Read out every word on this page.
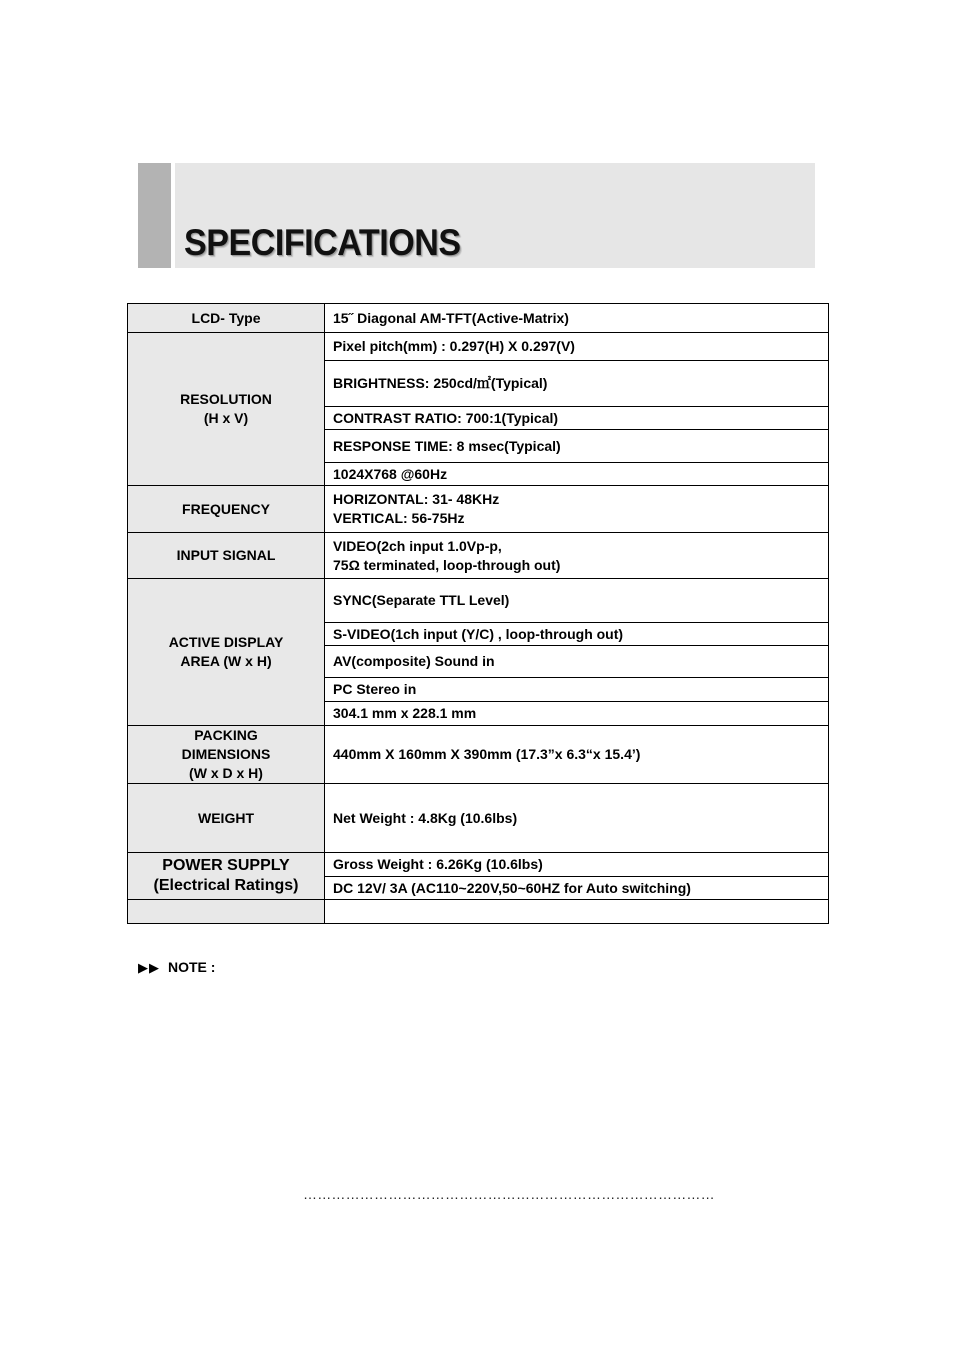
SPECIFICATIONS
LCD- Type	15˝ Diagonal AM-TFT(Active-Matrix)
RESOLUTION
(H x V)
Pixel pitch(mm) : 0.297(H) X 0.297(V)
BRIGHTNESS: 250cd/㎡(Typical)
CONTRAST RATIO: 700:1(Typical)
RESPONSE TIME: 8 msec(Typical)
1024X768 @60Hz
FREQUENCY
HORIZONTAL: 31- 48KHz
VERTICAL: 56-75Hz
INPUT SIGNAL
VIDEO(2ch input 1.0Vp-p,
75Ω terminated, loop-through out)
ACTIVE DISPLAY
AREA (W x H)
SYNC(Separate TTL Level)
S-VIDEO(1ch input (Y/C) , loop-through out)
AV(composite) Sound in
PC Stereo in
304.1 mm x 228.1 mm
PACKING
DIMENSIONS
(W x D x H)
440mm X 160mm X 390mm (17.3”x 6.3“x 15.4’)
WEIGHT	Net Weight : 4.8Kg (10.6lbs)
POWER SUPPLY
(Electrical Ratings)
Gross Weight : 6.26Kg (10.6lbs)
DC 12V/ 3A (AC110~220V,50~60HZ for Auto switching)
▶▶ NOTE :
……………………………………………………………………………
